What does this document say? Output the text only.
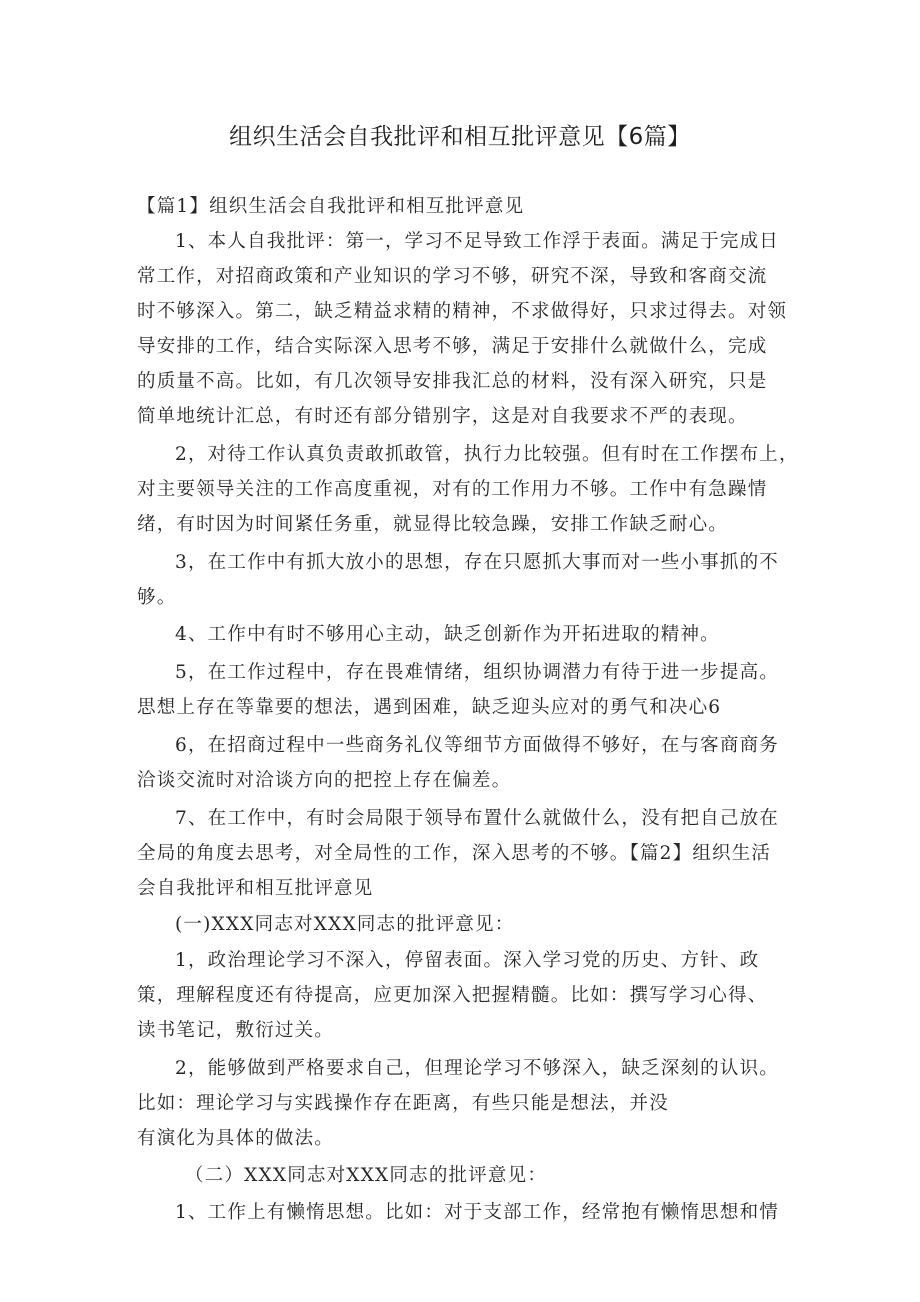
组织生活会自我批评和相互批评意见【6篇】
【篇1】组织生活会自我批评和相互批评意见
1、本人自我批评：第一，学习不足导致工作浮于表面。满足于完成日
常工作，对招商政策和产业知识的学习不够，研究不深，导致和客商交流
时不够深入。第二，缺乏精益求精的精神，不求做得好，只求过得去。对领
导安排的工作，结合实际深入思考不够，满足于安排什么就做什么，完成
的质量不高。比如，有几次领导安排我汇总的材料，没有深入研究，只是
简单地统计汇总，有时还有部分错别字，这是对自我要求不严的表现。
2，对待工作认真负责敢抓敢管，执行力比较强。但有时在工作摆布上，
对主要领导关注的工作高度重视，对有的工作用力不够。工作中有急躁情
绪，有时因为时间紧任务重，就显得比较急躁，安排工作缺乏耐心。
3，在工作中有抓大放小的思想，存在只愿抓大事而对一些小事抓的不
够。
4、工作中有时不够用心主动，缺乏创新作为开拓进取的精神。
5，在工作过程中，存在畏难情绪，组织协调潜力有待于进一步提高。
思想上存在等靠要的想法，遇到困难，缺乏迎头应对的勇气和决心6
6，在招商过程中一些商务礼仪等细节方面做得不够好，在与客商商务
洽谈交流时对洽谈方向的把控上存在偏差。
7、在工作中，有时会局限于领导布置什么就做什么，没有把自己放在
全局的角度去思考，对全局性的工作，深入思考的不够。【篇2】组织生活
会自我批评和相互批评意见
(一)XXX同志对XXX同志的批评意见：
1，政治理论学习不深入，停留表面。深入学习党的历史、方针、政
策，理解程度还有待提高，应更加深入把握精髓。比如：撰写学习心得、
读书笔记，敷衍过关。
2，能够做到严格要求自己，但理论学习不够深入，缺乏深刻的认识。
比如：理论学习与实践操作存在距离，有些只能是想法，并没
有演化为具体的做法。
（二）XXX同志对XXX同志的批评意见：
1、工作上有懒惰思想。比如：对于支部工作，经常抱有懒惰思想和情
